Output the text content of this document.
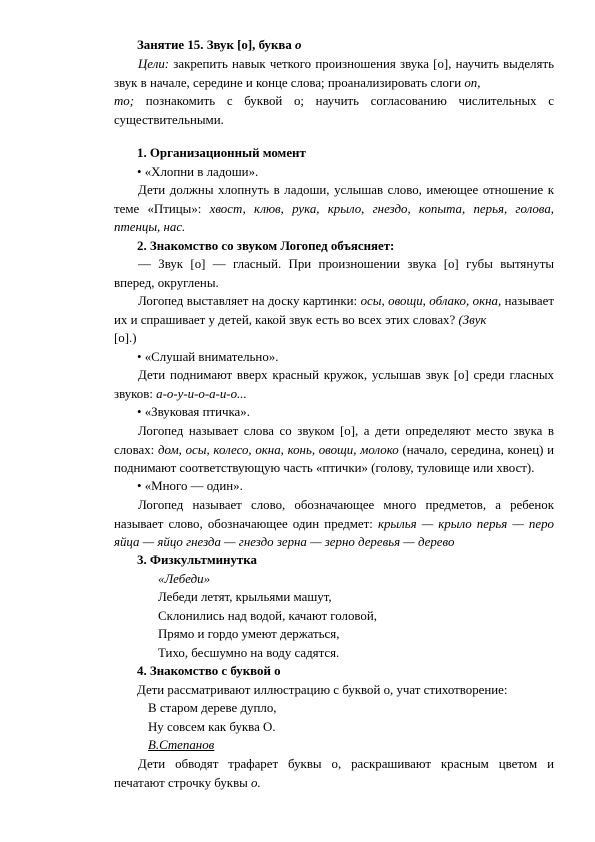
Занятие 15. Звук [о], буква о
Цели: закрепить навык четкого произношения звука [о], научить выделять звук в начале, середине и конце слова; проанализировать слоги оп,
то; познакомить с буквой о; научить согласованию числительных с существительными.
1. Организационный момент
• «Хлопни в ладоши».
Дети должны хлопнуть в ладоши, услышав слово, имеющее отношение к теме «Птицы»: хвост, клюв, рука, крыло, гнездо, копыта, перья, голова, птенцы, нас.
2. Знакомство со звуком Логопед объясняет:
— Звук [о] — гласный. При произношении звука [о] губы вытянуты вперед, округлены.
Логопед выставляет на доску картинки: осы, овощи, облако, окна, называет их и спрашивает у детей, какой звук есть во всех этих словах? (Звук
[о].)
• «Слушай внимательно».
Дети поднимают вверх красный кружок, услышав звук [о] среди гласных звуков: а-о-у-и-о-а-и-о...
• «Звуковая птичка».
Логопед называет слова со звуком [о], а дети определяют место звука в словах: дом, осы, колесо, окна, конь, овощи, молоко (начало, середина, конец) и поднимают соответствующую часть «птички» (голову, туловище или хвост).
• «Много — один».
Логопед называет слово, обозначающее много предметов, а ребенок называет слово, обозначающее один предмет: крылья — крыло перья — перо яйца — яйцо гнезда — гнездо зерна — зерно деревья — дерево
3. Физкультминутка
«Лебеди»
Лебеди летят, крыльями машут,
Склонились над водой, качают головой,
Прямо и гордо умеют держаться,
Тихо, бесшумно на воду садятся.
4. Знакомство с буквой о
Дети рассматривают иллюстрацию с буквой о, учат стихотворение:
В старом дереве дупло,
Ну совсем как буква О.
В.Степанов
Дети обводят трафарет буквы о, раскрашивают красным цветом и печатают строчку буквы о.
